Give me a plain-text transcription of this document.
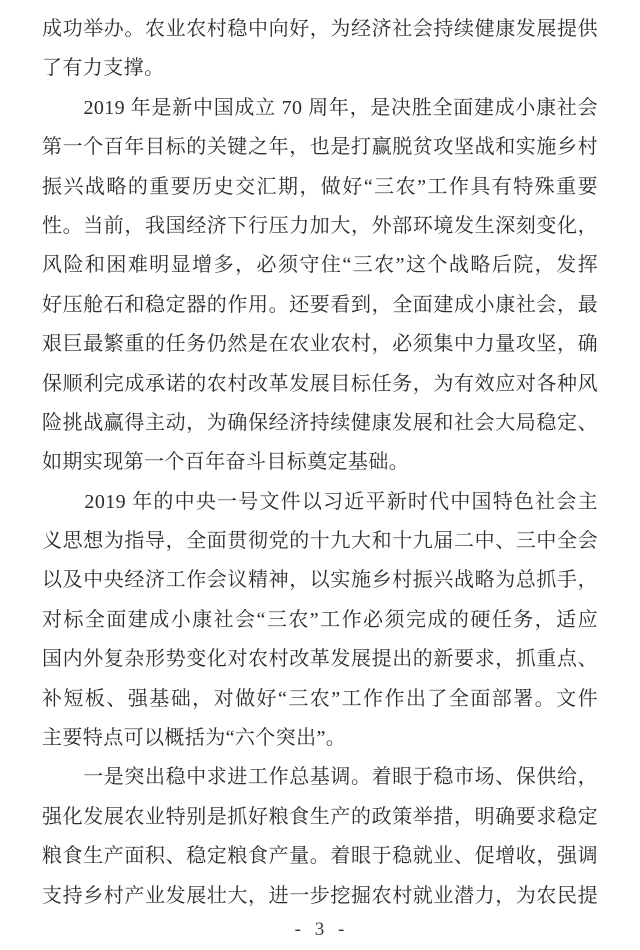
成功举办。农业农村稳中向好，为经济社会持续健康发展提供
了有力支撑。
　　2019 年是新中国成立 70 周年，是决胜全面建成小康社会
第一个百年目标的关键之年，也是打赢脱贫攻坚战和实施乡村
振兴战略的重要历史交汇期，做好“三农”工作具有特殊重要
性。当前，我国经济下行压力加大，外部环境发生深刻变化，
风险和困难明显增多，必须守住“三农”这个战略后院，发挥
好压舱石和稳定器的作用。还要看到，全面建成小康社会，最
艰巨最繁重的任务仍然是在农业农村，必须集中力量攻坚，确
保顺利完成承诺的农村改革发展目标任务，为有效应对各种风
险挑战赢得主动，为确保经济持续健康发展和社会大局稳定、
如期实现第一个百年奋斗目标奠定基础。
　　2019 年的中央一号文件以习近平新时代中国特色社会主
义思想为指导，全面贯彻党的十九大和十九届二中、三中全会
以及中央经济工作会议精神，以实施乡村振兴战略为总抓手，
对标全面建成小康社会“三农”工作必须完成的硬任务，适应
国内外复杂形势变化对农村改革发展提出的新要求，抓重点、
补短板、强基础，对做好“三农”工作作出了全面部署。文件
主要特点可以概括为“六个突出”。
　　一是突出稳中求进工作总基调。着眼于稳市场、保供给，
强化发展农业特别是抓好粮食生产的政策举措，明确要求稳定
粮食生产面积、稳定粮食产量。着眼于稳就业、促增收，强调
支持乡村产业发展壮大，进一步挖掘农村就业潜力，为农民提
- 3 -
